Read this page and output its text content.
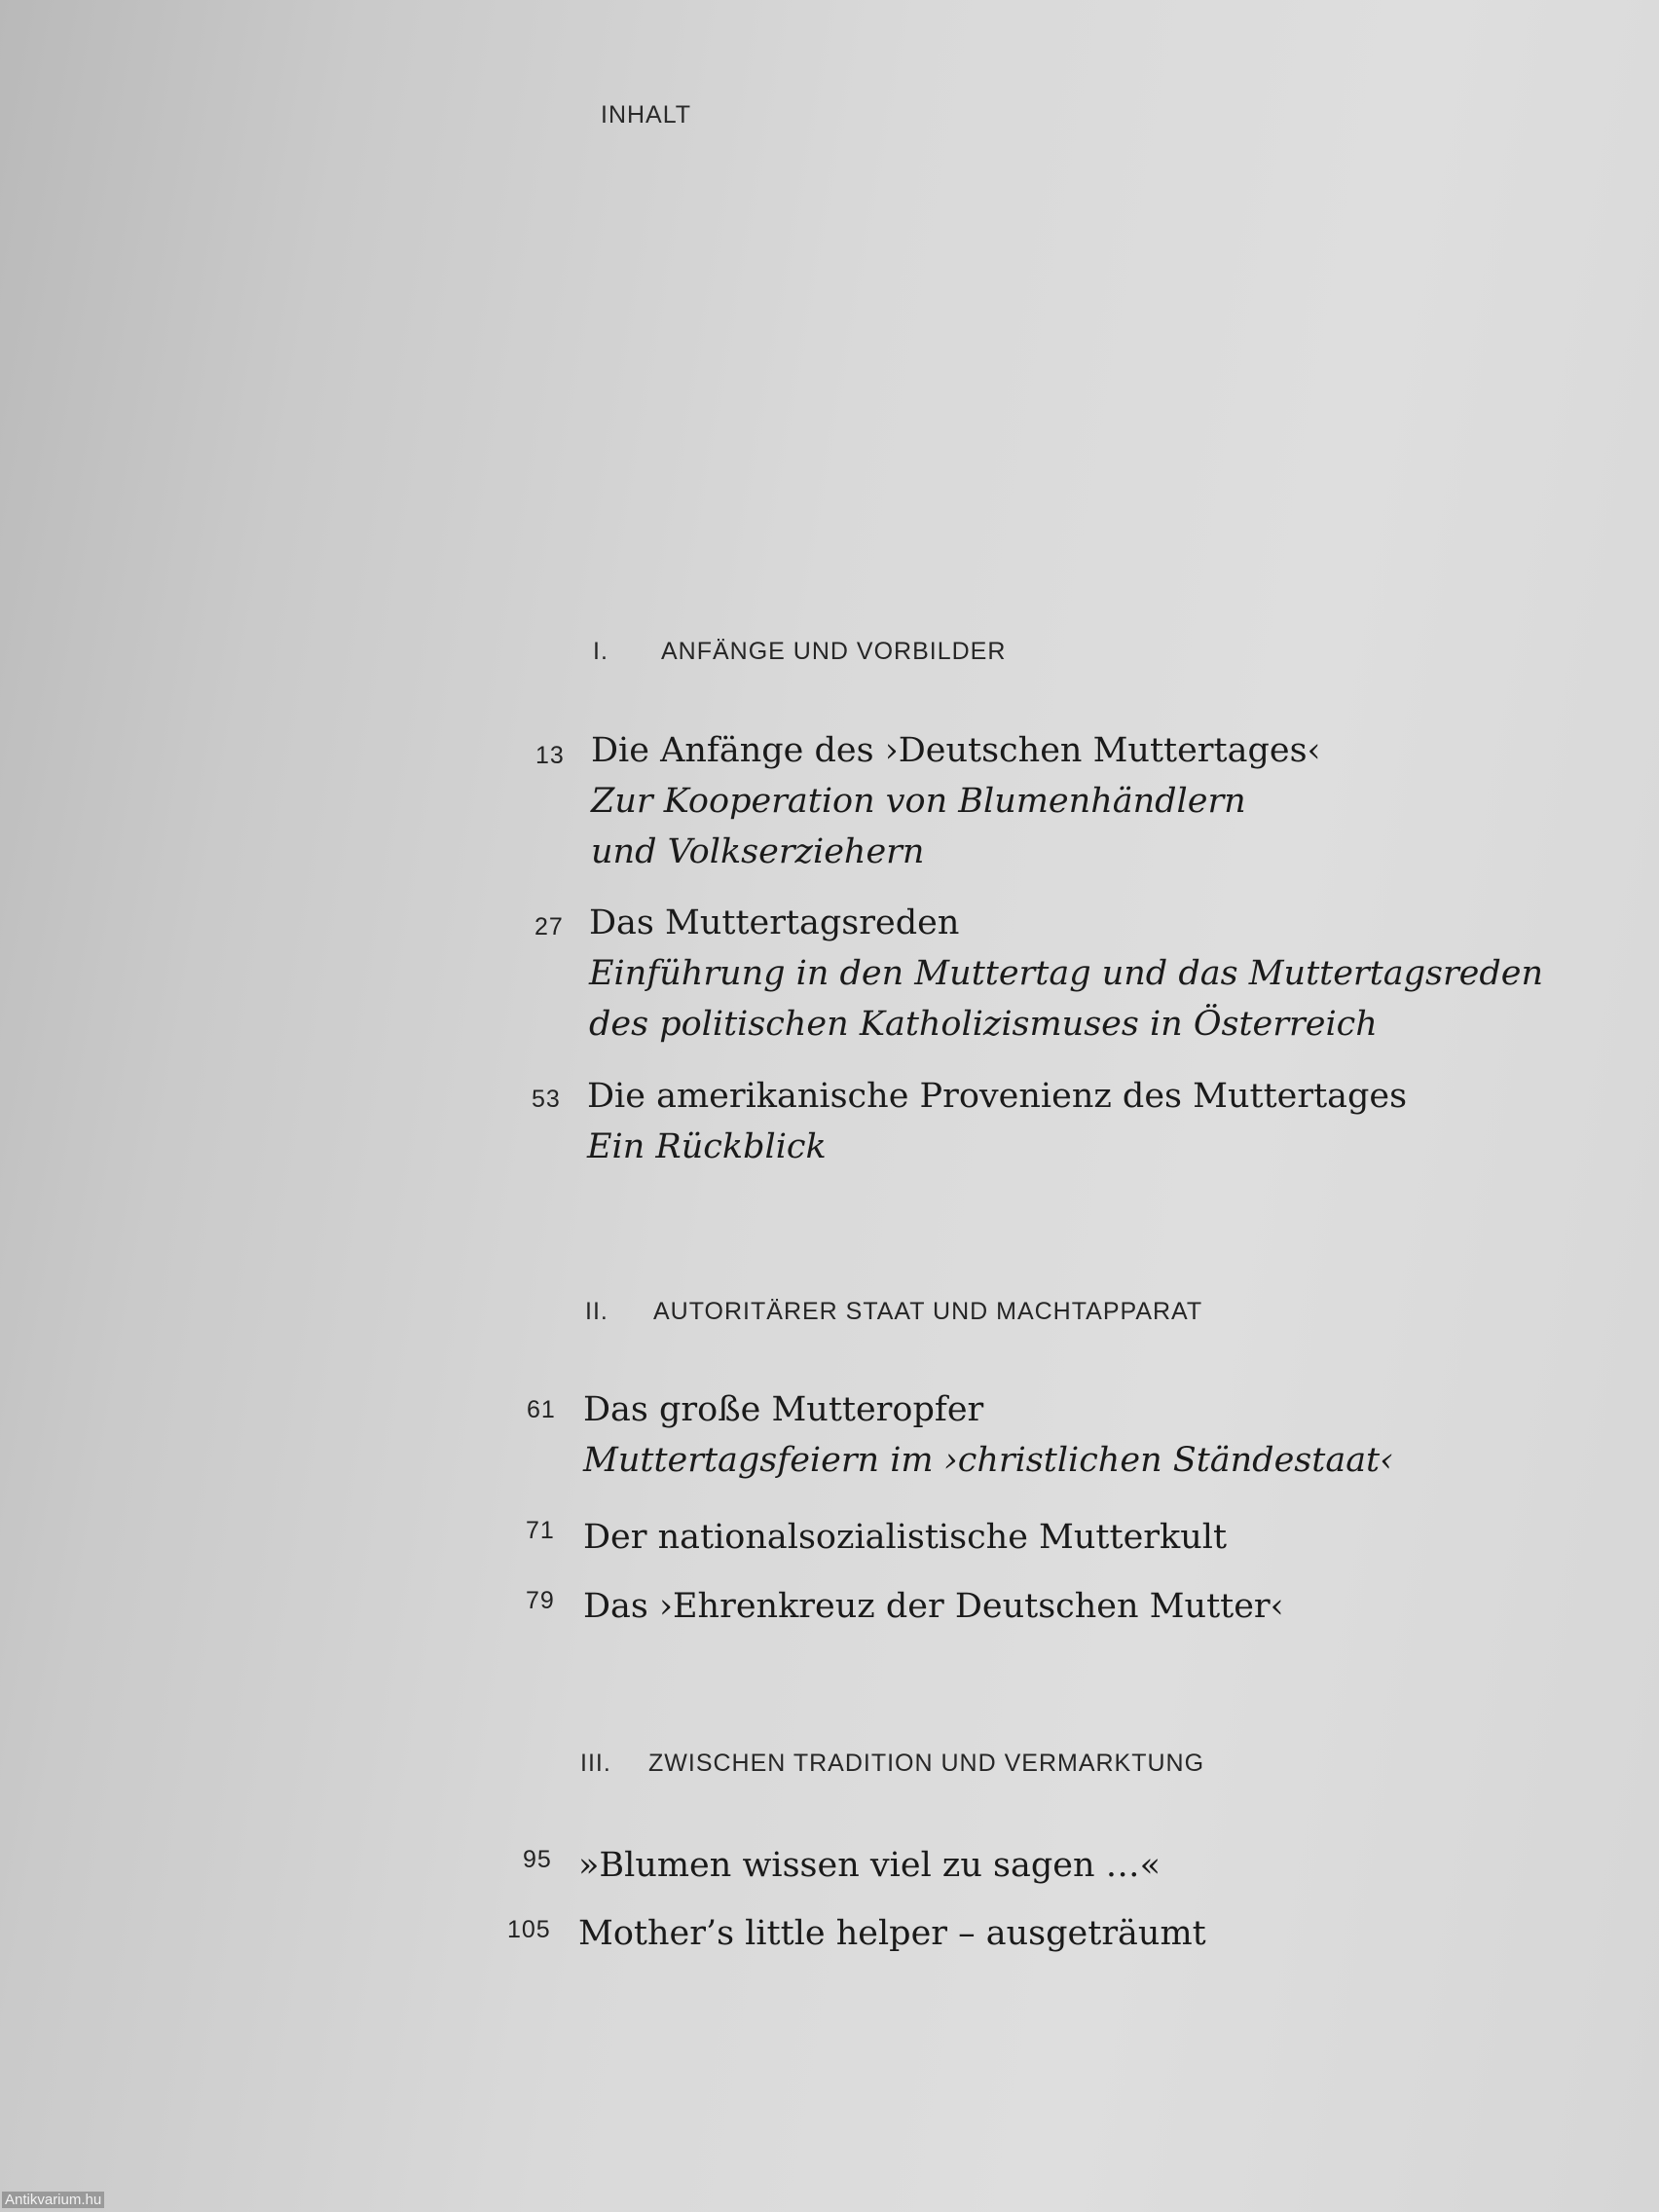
INHALT
I. ANFÄNGE UND VORBILDER
13 Die Anfänge des ›Deutschen Muttertages‹
Zur Kooperation von Blumenhändlern
und Volkserziehern
27 Das Muttertagsreden
Einführung in den Muttertag und das Muttertagsreden
des politischen Katholizismuses in Österreich
53 Die amerikanische Provenienz des Muttertages
Ein Rückblick
II. AUTORITÄRER STAAT UND MACHTAPPARAT
61 Das große Mutteropfer
Muttertagsfeiern im ›christlichen Ständestaat‹
71 Der nationalsozialistische Mutterkult
79 Das ›Ehrenkreuz der Deutschen Mutter‹
III. ZWISCHEN TRADITION UND VERMARKTUNG
95 »Blumen wissen viel zu sagen …«
105 Mother’s little helper – ausgeträumt
Antikvarium.hu
